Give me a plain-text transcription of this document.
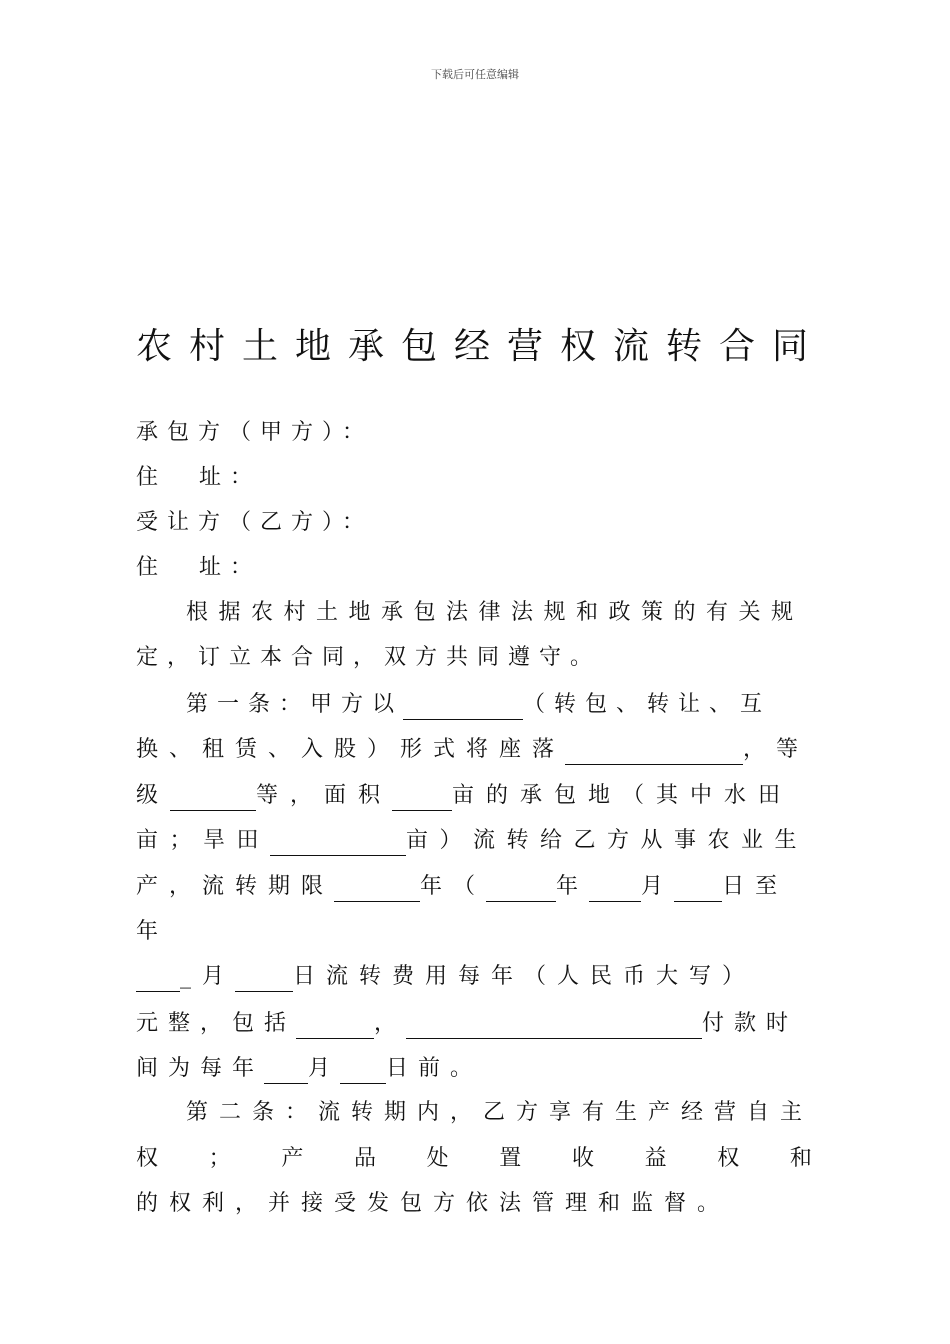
下载后可任意编辑
农村土地承包经营权流转合同
承包方（甲方）：
住  址：
受让方（乙方）：
住  址：
根据农村土地承包法律法规和政策的有关规
定，订立本合同，双方共同遵守。
第一条：甲方以	（转包、转让、互
换、租赁、入股）形式将座落	，等
级	等，面积	亩的承包地（其中水田
亩；旱田	亩）流转给乙方从事农业生
产，流转期限	年（	年 月 日至
年
_月	日流转费用每年（人民币大写）
元整，包括	，	付款时
间为每年 月 日前。
第二条：流转期内，乙方享有生产经营自主
权 ； 产 品 处 置 收 益 权 和
的权利，并接受发包方依法管理和监督。
